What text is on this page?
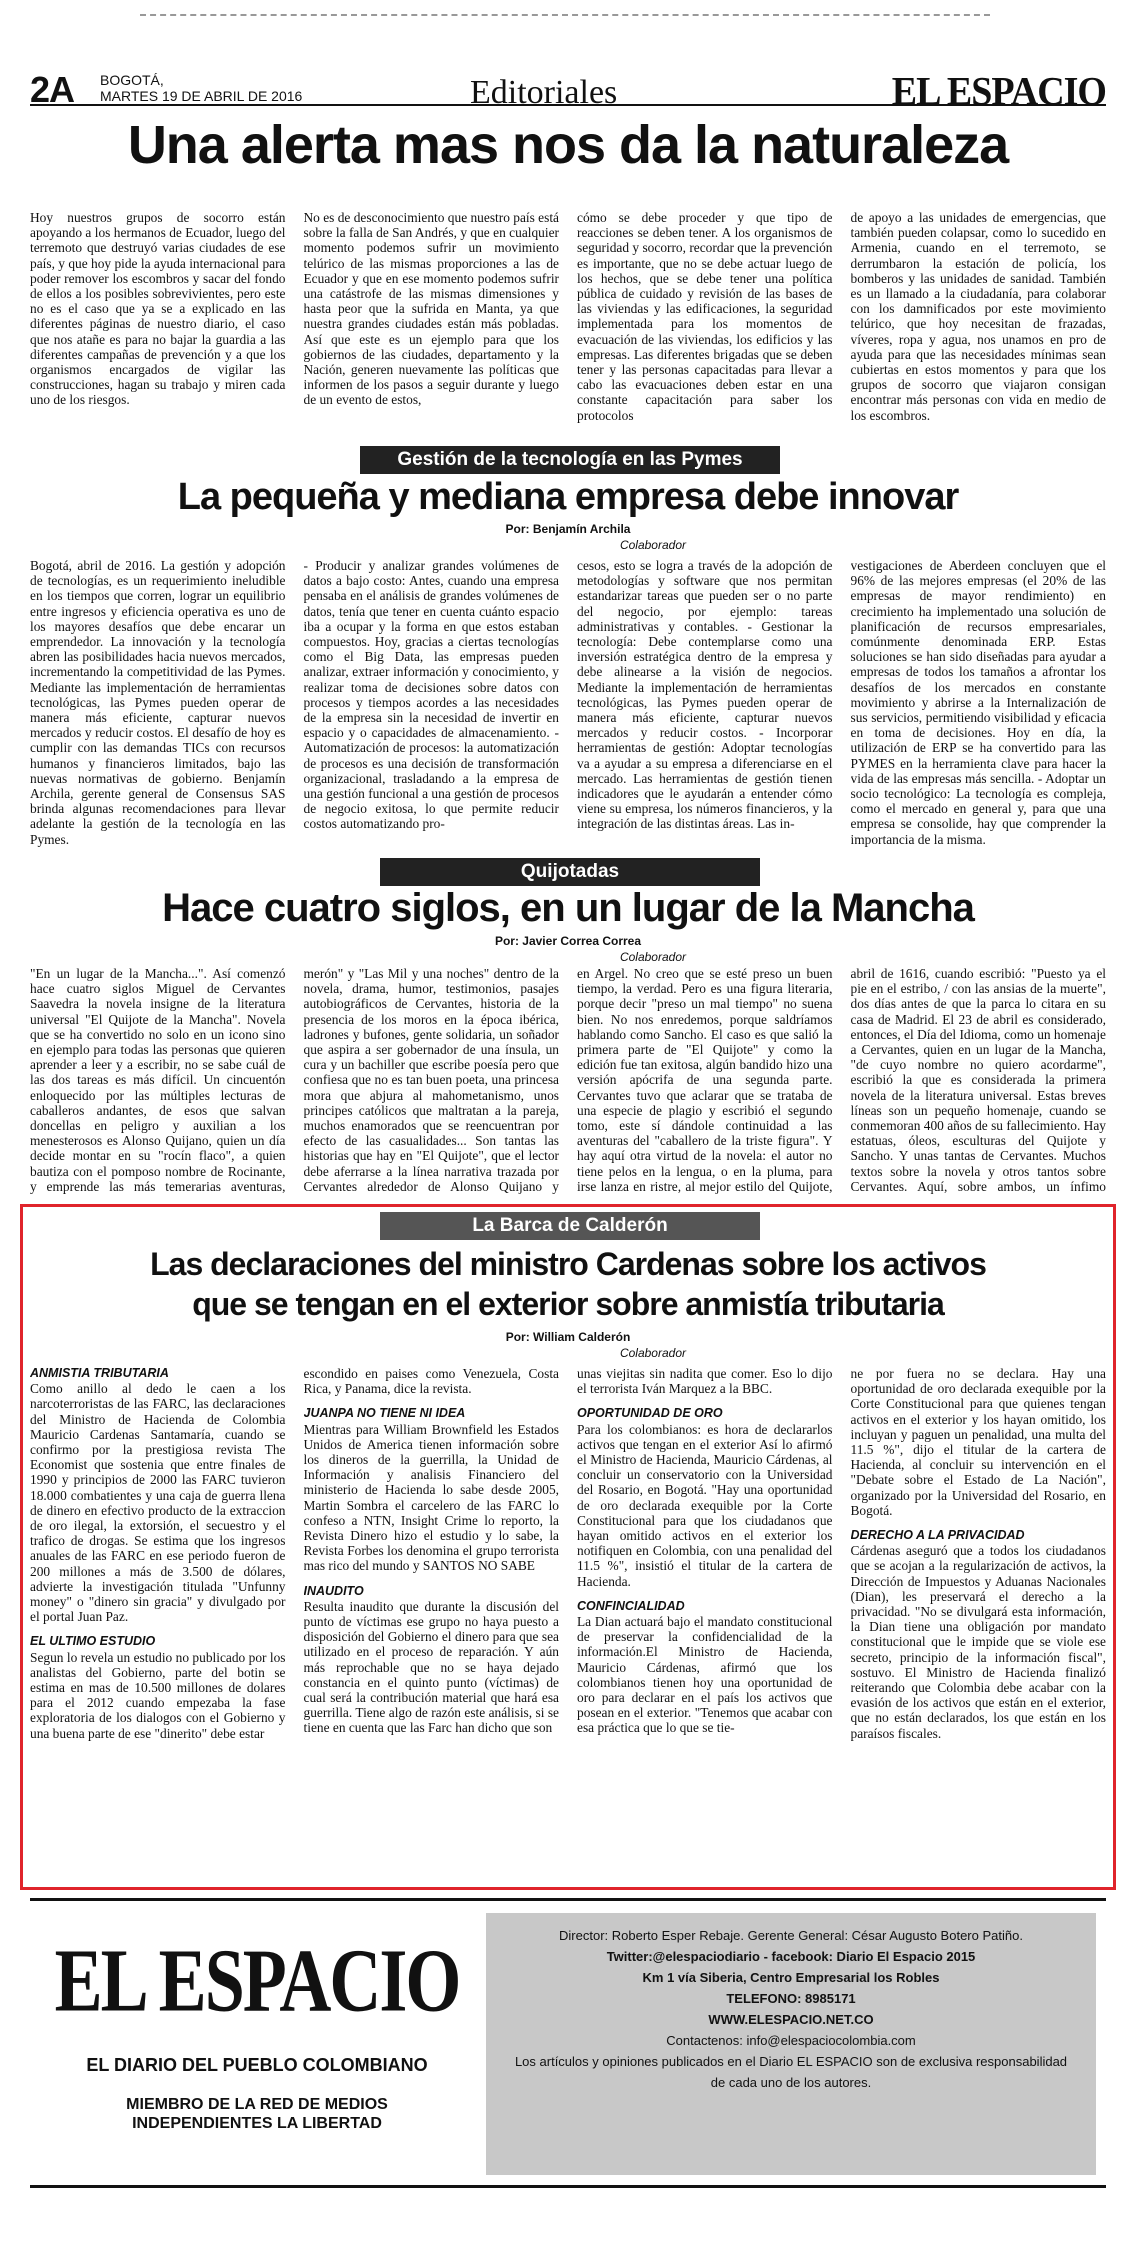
2A BOGOTÁ,
MARTES 19 DE ABRIL DE 2016	Editoriales	EL ESPACIO
Una alerta mas nos da la naturaleza
Hoy nuestros grupos de socorro están apoyando a los hermanos de Ecuador, luego del terremoto que destruyó varias ciudades de ese país, y que hoy pide la ayuda internacional para poder remover los escombros y sacar del fondo de ellos a los posibles sobrevivientes, pero este no es el caso que ya se a explicado en las diferentes páginas de nuestro diario, el caso que nos atañe es para no bajar la guardia a las diferentes campañas de prevención y a que los organismos encargados de vigilar las construcciones, hagan su trabajo y miren cada uno de los riesgos.
No es de desconocimiento que nuestro país está sobre la falla de San Andrés, y que en cualquier momento podemos sufrir un movimiento telúrico de las mismas proporciones a las de Ecuador y que en ese momento podemos sufrir una catástrofe de las mismas dimensiones y hasta peor que la sufrida en Manta, ya que nuestra grandes ciudades están más pobladas. Así que este es un ejemplo para que los gobiernos de las ciudades, departamento y la Nación, generen nuevamente las políticas que informen de los pasos a seguir durante y luego de un evento de estos,
cómo se debe proceder y que tipo de reacciones se deben tener. A los organismos de seguridad y socorro, recordar que la prevención es importante, que no se debe actuar luego de los hechos, que se debe tener una política pública de cuidado y revisión de las bases de las viviendas y las edificaciones, la seguridad implementada para los momentos de evacuación de las viviendas, los edificios y las empresas. Las diferentes brigadas que se deben tener y las personas capacitadas para llevar a cabo las evacuaciones deben estar en una constante capacitación para saber los protocolos
de apoyo a las unidades de emergencias, que también pueden colapsar, como lo sucedido en Armenia, cuando en el terremoto, se derrumbaron la estación de policía, los bomberos y las unidades de sanidad. También es un llamado a la ciudadanía, para colaborar con los damnificados por este movimiento telúrico, que hoy necesitan de frazadas, víveres, ropa y agua, nos unamos en pro de ayuda para que las necesidades mínimas sean cubiertas en estos momentos y para que los grupos de socorro que viajaron consigan encontrar más personas con vida en medio de los escombros.
Gestión de la tecnología en las Pymes
La pequeña y mediana empresa debe innovar
Por: Benjamín Archila
Colaborador
Bogotá, abril de 2016. La gestión y adopción de tecnologías, es un requerimiento ineludible en los tiempos que corren, lograr un equilibrio entre ingresos y eficiencia operativa es uno de los mayores desafíos que debe encarar un emprendedor. La innovación y la tecnología abren las posibilidades hacia nuevos mercados, incrementando la competitividad de las Pymes. Mediante las implementación de herramientas tecnológicas, las Pymes pueden operar de manera más eficiente, capturar nuevos mercados y reducir costos. El desafío de hoy es cumplir con las demandas TICs con recursos humanos y financieros limitados, bajo las nuevas normativas de gobierno. Benjamín Archila, gerente general de Consensus SAS brinda algunas recomendaciones para llevar adelante la gestión de la tecnología en las Pymes.
- Producir y analizar grandes volúmenes de datos a bajo costo: Antes, cuando una empresa pensaba en el análisis de grandes volúmenes de datos, tenía que tener en cuenta cuánto espacio iba a ocupar y la forma en que estos estaban compuestos. Hoy, gracias a ciertas tecnologías como el Big Data, las empresas pueden analizar, extraer información y conocimiento, y realizar toma de decisiones sobre datos con procesos y tiempos acordes a las necesidades de la empresa sin la necesidad de invertir en espacio y o capacidades de almacenamiento. - Automatización de procesos: la automatización de procesos es una decisión de transformación organizacional, trasladando a la empresa de una gestión funcional a una gestión de procesos de negocio exitosa, lo que permite reducir costos automatizando pro-
cesos, esto se logra a través de la adopción de metodologías y software que nos permitan estandarizar tareas que pueden ser o no parte del negocio, por ejemplo: tareas administrativas y contables. - Gestionar la tecnología: Debe contemplarse como una inversión estratégica dentro de la empresa y debe alinearse a la visión de negocios. Mediante la implementación de herramientas tecnológicas, las Pymes pueden operar de manera más eficiente, capturar nuevos mercados y reducir costos. - Incorporar herramientas de gestión: Adoptar tecnologías va a ayudar a su empresa a diferenciarse en el mercado. Las herramientas de gestión tienen indicadores que le ayudarán a entender cómo viene su empresa, los números financieros, y la integración de las distintas áreas. Las in-
vestigaciones de Aberdeen concluyen que el 96% de las mejores empresas (el 20% de las empresas de mayor rendimiento) en crecimiento ha implementado una solución de planificación de recursos empresariales, comúnmente denominada ERP. Estas soluciones se han sido diseñadas para ayudar a empresas de todos los tamaños a afrontar los desafíos de los mercados en constante movimiento y abrirse a la Internalización de sus servicios, permitiendo visibilidad y eficacia en toma de decisiones. Hoy en día, la utilización de ERP se ha convertido para las PYMES en la herramienta clave para hacer la vida de las empresas más sencilla. - Adoptar un socio tecnológico: La tecnología es compleja, como el mercado en general y, para que una empresa se consolide, hay que comprender la importancia de la misma.
Quijotadas
Hace cuatro siglos, en un lugar de la Mancha
Por: Javier Correa Correa
Colaborador
"En un lugar de la Mancha...". Así comenzó hace cuatro siglos Miguel de Cervantes Saavedra la novela insigne de la literatura universal "El Quijote de la Mancha". Novela que se ha convertido no solo en un icono sino en ejemplo para todas las personas que quieren aprender a leer y a escribir, no se sabe cuál de las dos tareas es más difícil. Un cincuentón enloquecido por las múltiples lecturas de caballeros andantes, de esos que salvan doncellas en peligro y auxilian a los menesterosos es Alonso Quijano, quien un día decide montar en su "rocín flaco", a quien bautiza con el pomposo nombre de Rocinante, y emprende las más temerarias aventuras,
merón" y "Las Mil y una noches" dentro de la novela, drama, humor, testimonios, pasajes autobiográficos de Cervantes, historia de la presencia de los moros en la época ibérica, ladrones y bufones, gente solidaria, un soñador que aspira a ser gobernador de una ínsula, un cura y un bachiller que escribe poesía pero que confiesa que no es tan buen poeta, una princesa mora que abjura al mahometanismo, unos principes católicos que maltratan a la pareja, muchos enamorados que se reencuentran por efecto de las casualidades... Son tantas las historias que hay en "El Quijote", que el lector debe aferrarse a la línea narrativa trazada por Cervantes alrededor de Alonso Quijano y
en Argel. No creo que se esté preso un buen tiempo, la verdad. Pero es una figura literaria, porque decir "preso un mal tiempo" no suena bien. No nos enredemos, porque saldríamos hablando como Sancho. El caso es que salió la primera parte de "El Quijote" y como la edición fue tan exitosa, algún bandido hizo una versión apócrifa de una segunda parte. Cervantes tuvo que aclarar que se trataba de una especie de plagio y escribió el segundo tomo, este sí dándole continuidad a las aventuras del "caballero de la triste figura". Y hay aquí otra virtud de la novela: el autor no tiene pelos en la lengua, o en la pluma, para irse lanza en ristre, al mejor estilo del Quijote,
abril de 1616, cuando escribió: "Puesto ya el pie en el estribo, / con las ansias de la muerte", dos días antes de que la parca lo citara en su casa de Madrid. El 23 de abril es considerado, entonces, el Día del Idioma, como un homenaje a Cervantes, quien en un lugar de la Mancha, "de cuyo nombre no quiero acordarme", escribió la que es considerada la primera novela de la literatura universal. Estas breves líneas son un pequeño homenaje, cuando se conmemoran 400 años de su fallecimiento. Hay estatuas, óleos, esculturas del Quijote y Sancho. Y unas tantas de Cervantes. Muchos textos sobre la novela y otros tantos sobre Cervantes. Aquí, sobre ambos, un ínfimo
La Barca de Calderón
Las declaraciones del ministro Cardenas sobre los activos
que se tengan en el exterior sobre anmistía tributaria
Por: William Calderón
Colaborador
ANMISTIA TRIBUTARIA

Como anillo al dedo le caen a los narcoterroristas de las FARC, las declaraciones del Ministro de Hacienda de Colombia Mauricio Cardenas Santamaría, cuando se confirmo por la prestigiosa revista The Economist que sostenia que entre finales de 1990 y principios de 2000 las FARC tuvieron 18.000 combatientes y una caja de guerra llena de dinero en efectivo producto de la extraccion de oro ilegal, la extorsión, el secuestro y el trafico de drogas. Se estima que los ingresos anuales de las FARC en ese periodo fueron de 200 millones a más de 3.500 de dólares, advierte la investigación titulada "Unfunny money" o "dinero sin gracia" y divulgado por el portal Juan Paz.

EL ULTIMO ESTUDIO

Segun lo revela un estudio no publicado por los analistas del Gobierno, parte del botin se estima en mas de 10.500 millones de dolares para el 2012 cuando empezaba la fase exploratoria de los dialogos con el Gobierno y una buena parte de ese "dinerito" debe estar

escondido en paises como Venezuela, Costa Rica, y Panama, dice la revista.

JUANPA NO TIENE NI IDEA

Mientras para William Brownfield les Estados Unidos de America tienen información sobre los dineros de la guerrilla, la Unidad de Información y analisis Financiero del ministerio de Hacienda lo sabe desde 2005, Martin Sombra el carcelero de las FARC lo confeso a NTN, Insight Crime lo reporto, la Revista Dinero hizo el estudio y lo sabe, la Revista Forbes los denomina el grupo terrorista mas rico del mundo y SANTOS NO SABE

INAUDITO

Resulta inaudito que durante la discusión del punto de víctimas ese grupo no haya puesto a disposición del Gobierno el dinero para que sea utilizado en el proceso de reparación. Y aún más reprochable que no se haya dejado constancia en el quinto punto (víctimas) de cual será la contribución material que hará esa guerrilla. Tiene algo de razón este análisis, si se tiene en cuenta que las Farc han dicho que son

unas viejitas sin nadita que comer. Eso lo dijo el terrorista Iván Marquez a la BBC.

OPORTUNIDAD DE ORO

Para los colombianos: es hora de declararlos activos que tengan en el exterior Así lo afirmó el Ministro de Hacienda, Mauricio Cárdenas, al concluir un conservatorio con la Universidad del Rosario, en Bogotá. "Hay una oportunidad de oro declarada exequible por la Corte Constitucional para que los ciudadanos que hayan omitido activos en el exterior los notifiquen en Colombia, con una penalidad del 11.5 %", insistió el titular de la cartera de Hacienda.

CONFINCIALIDAD

La Dian actuará bajo el mandato constitucional de preservar la confidencialidad de la información.El Ministro de Hacienda, Mauricio Cárdenas, afirmó que los colombianos tienen hoy una oportunidad de oro para declarar en el país los activos que posean en el exterior. "Tenemos que acabar con esa práctica que lo que se tie-

ne por fuera no se declara. Hay una oportunidad de oro declarada exequible por la Corte Constitucional para que quienes tengan activos en el exterior y los hayan omitido, los incluyan y paguen un penalidad, una multa del 11.5 %", dijo el titular de la cartera de Hacienda, al concluir su intervención en el "Debate sobre el Estado de La Nación", organizado por la Universidad del Rosario, en Bogotá.

DERECHO A LA PRIVACIDAD

Cárdenas aseguró que a todos los ciudadanos que se acojan a la regularización de activos, la Dirección de Impuestos y Aduanas Nacionales (Dian), les preservará el derecho a la privacidad. "No se divulgará esta información, la Dian tiene una obligación por mandato constitucional que le impide que se viole ese secreto, principio de la información fiscal", sostuvo. El Ministro de Hacienda finalizó reiterando que Colombia debe acabar con la evasión de los activos que están en el exterior, que no están declarados, los que están en los paraísos fiscales.

EL ESPACIO
EL DIARIO DEL PUEBLO COLOMBIANO
MIEMBRO DE LA RED DE MEDIOS
INDEPENDIENTES LA LIBERTAD
Director: Roberto Esper Rebaje. Gerente General: César Augusto Botero Patiño.
Twitter:@elespaciodiario - facebook: Diario El Espacio 2015
Km 1 vía Siberia, Centro Empresarial los Robles
TELEFONO: 8985171
WWW.ELESPACIO.NET.CO
Contactenos: info@elespaciocolombia.com
Los artículos y opiniones publicados en el Diario EL ESPACIO son de exclusiva responsabilidad
de cada uno de los autores.
